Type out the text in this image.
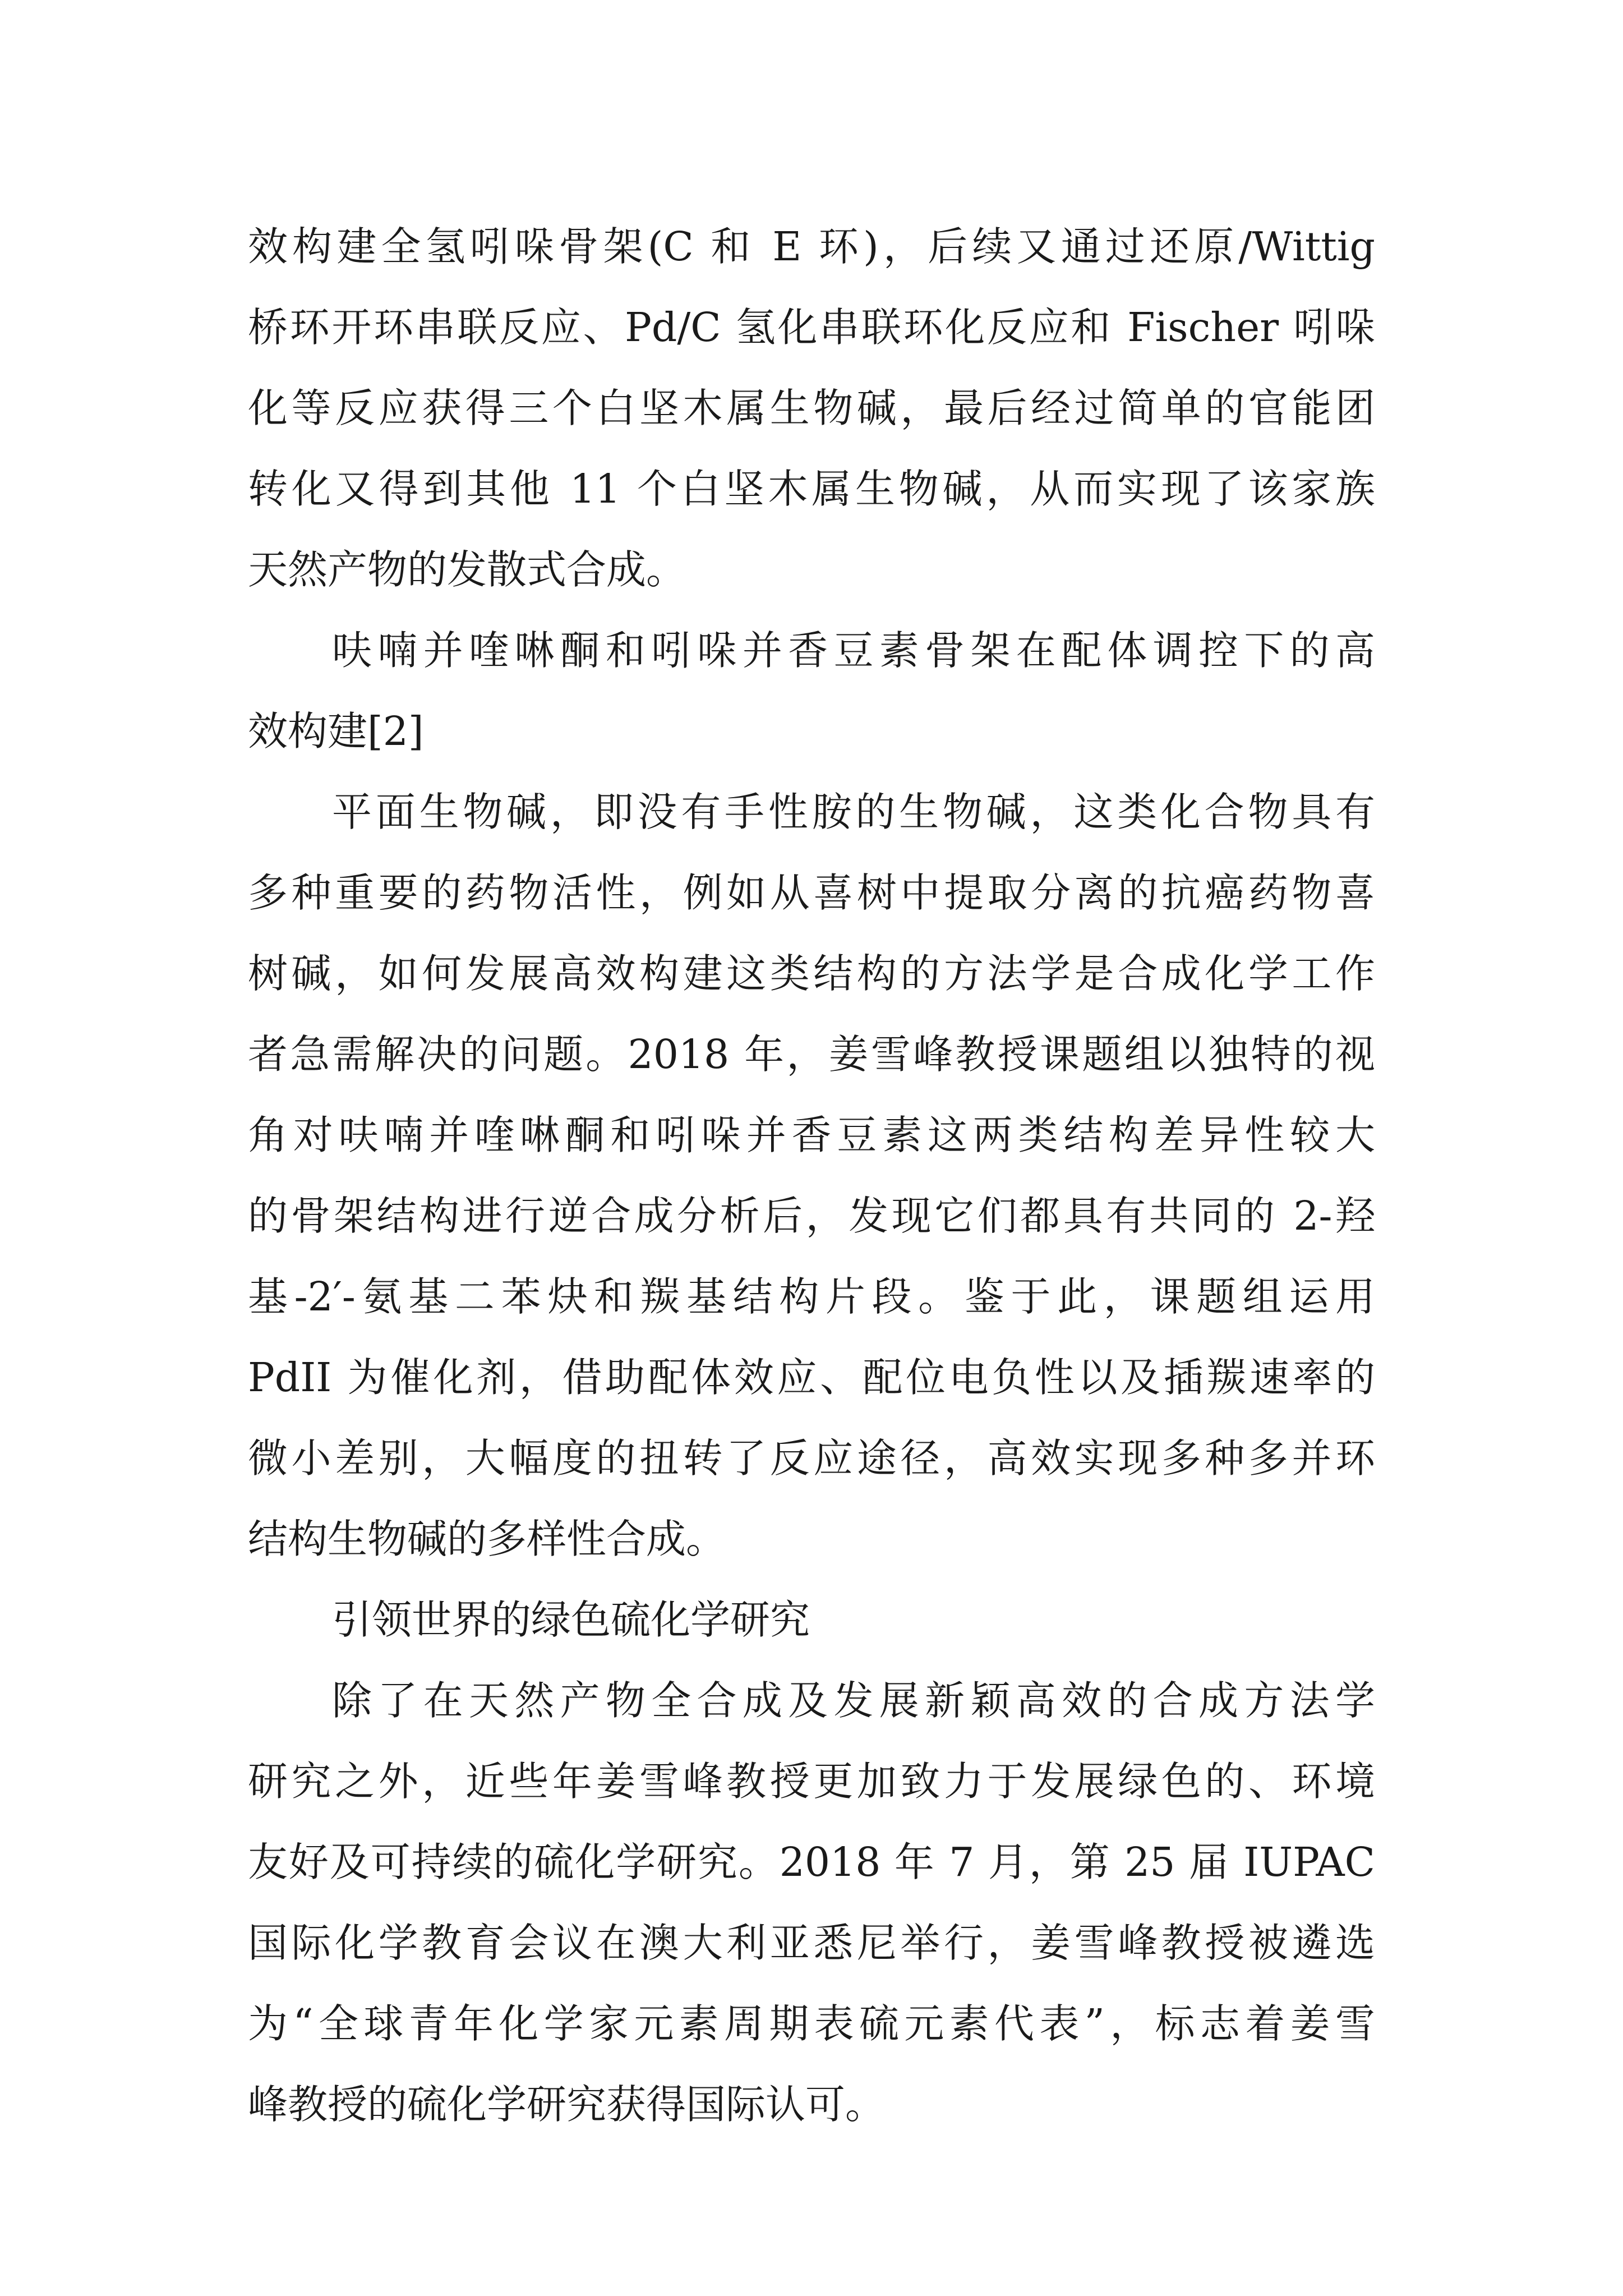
效构建全氢吲哚骨架(C 和 E 环)，后续又通过还原/Wittig
桥环开环串联反应、Pd/C 氢化串联环化反应和 Fischer 吲哚
化等反应获得三个白坚木属生物碱，最后经过简单的官能团
转化又得到其他 11 个白坚木属生物碱，从而实现了该家族
天然产物的发散式合成。
呋喃并喹啉酮和吲哚并香豆素骨架在配体调控下的高
效构建[2]
平面生物碱，即没有手性胺的生物碱，这类化合物具有
多种重要的药物活性，例如从喜树中提取分离的抗癌药物喜
树碱，如何发展高效构建这类结构的方法学是合成化学工作
者急需解决的问题。2018 年，姜雪峰教授课题组以独特的视
角对呋喃并喹啉酮和吲哚并香豆素这两类结构差异性较大
的骨架结构进行逆合成分析后，发现它们都具有共同的 2-羟
基-2′-氨基二苯炔和羰基结构片段。鉴于此，课题组运用
PdII 为催化剂，借助配体效应、配位电负性以及插羰速率的
微小差别，大幅度的扭转了反应途径，高效实现多种多并环
结构生物碱的多样性合成。
引领世界的绿色硫化学研究
除了在天然产物全合成及发展新颖高效的合成方法学
研究之外，近些年姜雪峰教授更加致力于发展绿色的、环境
友好及可持续的硫化学研究。2018 年 7 月，第 25 届 IUPAC
国际化学教育会议在澳大利亚悉尼举行，姜雪峰教授被遴选
为“全球青年化学家元素周期表硫元素代表”，标志着姜雪
峰教授的硫化学研究获得国际认可。
